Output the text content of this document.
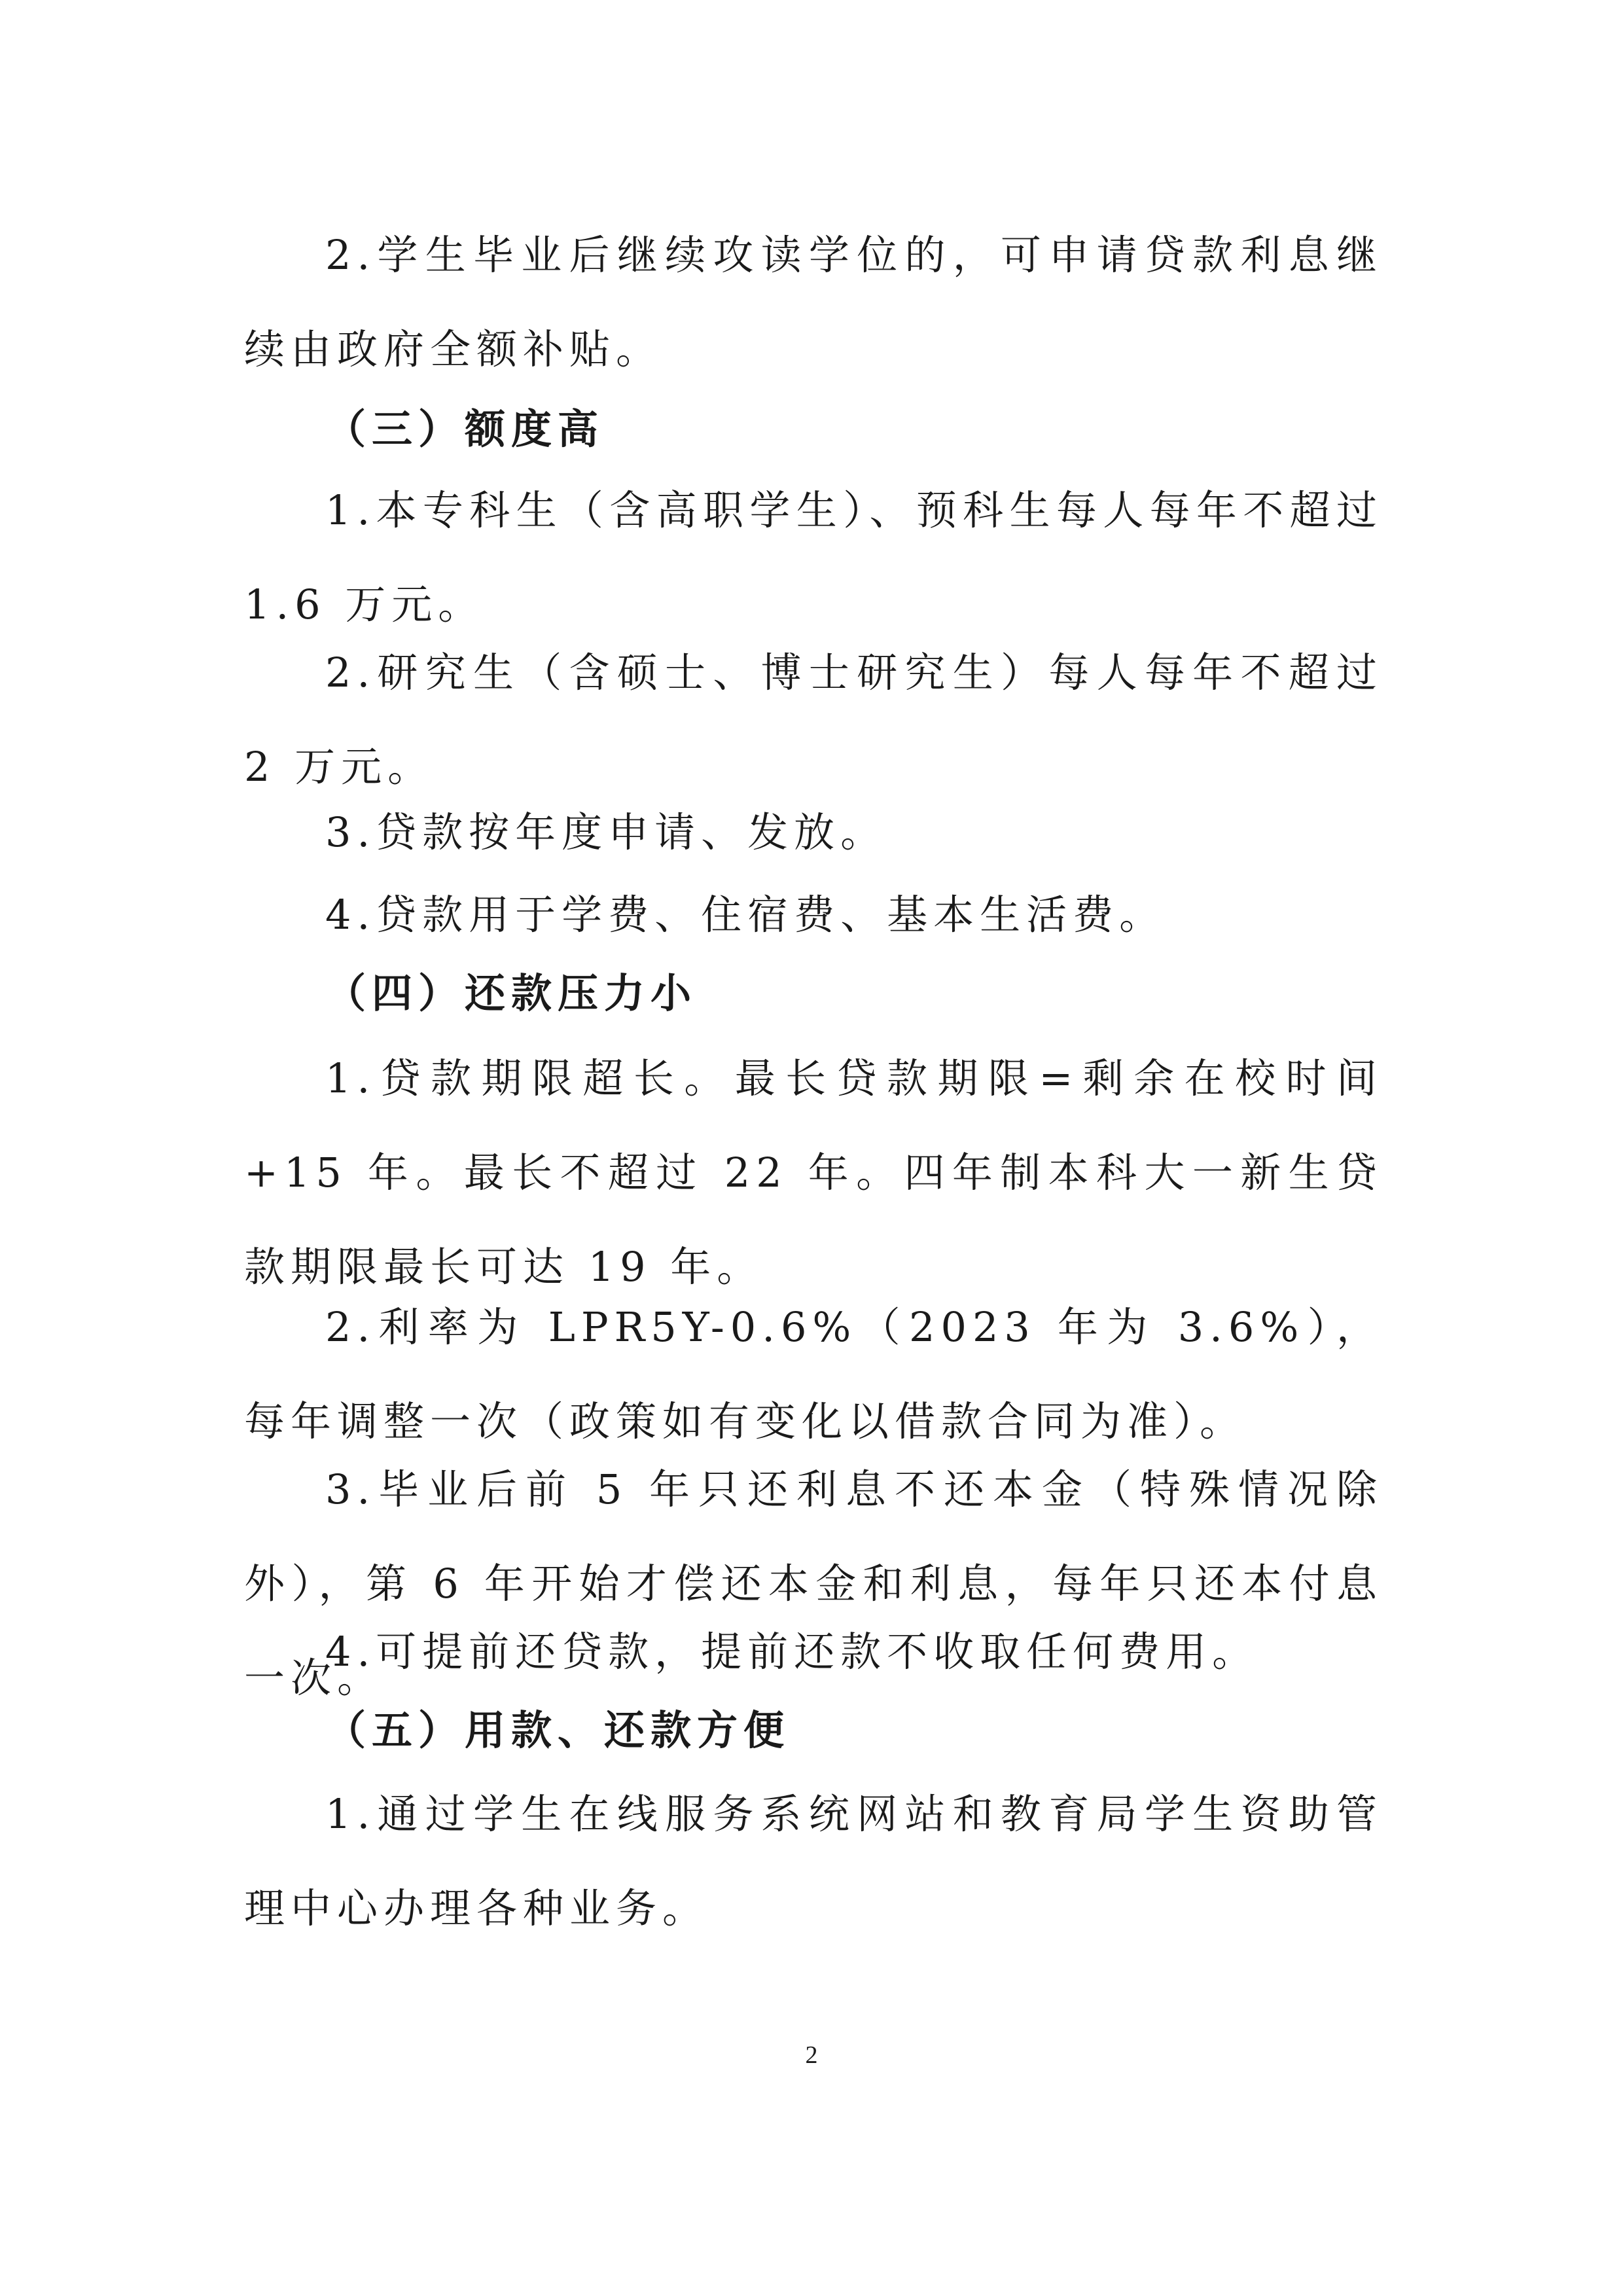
2.学生毕业后继续攻读学位的，可申请贷款利息继续由政府全额补贴。

（三）额度高

1.本专科生（含高职学生）、预科生每人每年不超过 1.6 万元。

2.研究生（含硕士、博士研究生）每人每年不超过 2 万元。

3.贷款按年度申请、发放。

4.贷款用于学费、住宿费、基本生活费。

（四）还款压力小

1.贷款期限超长。最长贷款期限=剩余在校时间+15 年。最长不超过 22 年。四年制本科大一新生贷款期限最长可达 19 年。

2.利率为 LPR5Y-0.6%（2023 年为 3.6%），每年调整一次（政策如有变化以借款合同为准）。

3.毕业后前 5 年只还利息不还本金（特殊情况除外），第 6 年开始才偿还本金和利息，每年只还本付息一次。

4.可提前还贷款，提前还款不收取任何费用。

（五）用款、还款方便

1.通过学生在线服务系统网站和教育局学生资助管理中心办理各种业务。

2
